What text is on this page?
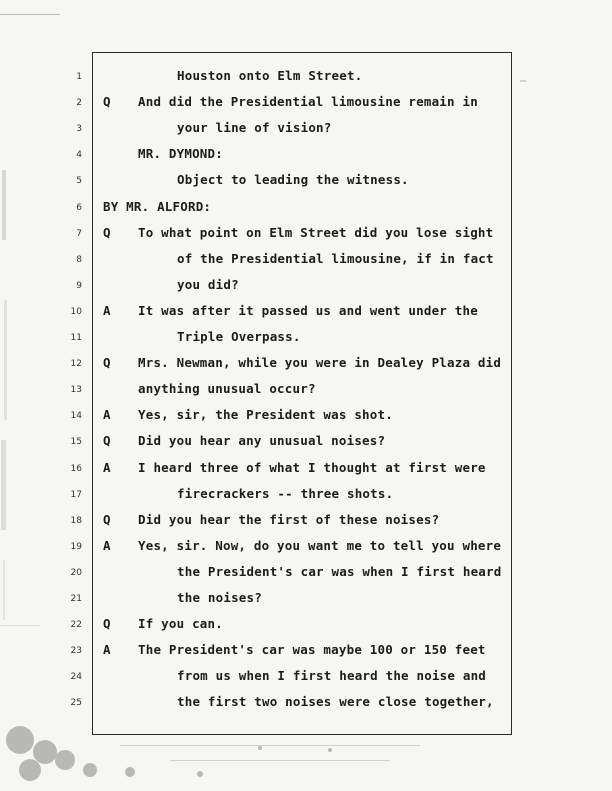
1	Houston onto Elm Street.
2 Q And did the Presidential limousine remain in
3	your line of vision?
4	MR. DYMOND:
5	Object to leading the witness.
6 BY MR. ALFORD:
7 Q To what point on Elm Street did you lose sight
8	of the Presidential limousine, if in fact
9	you did?
10 A It was after it passed us and went under the
11	Triple Overpass.
12 Q Mrs. Newman, while you were in Dealey Plaza did
13	anything unusual occur?
14 A Yes, sir, the President was shot.
15 Q Did you hear any unusual noises?
16 A I heard three of what I thought at first were
17	firecrackers -- three shots.
18 Q Did you hear the first of these noises?
19 A Yes, sir. Now, do you want me to tell you where
20	the President's car was when I first heard
21	the noises?
22 Q If you can.
23 A The President's car was maybe 100 or 150 feet
24	from us when I first heard the noise and
25	the first two noises were close together,
